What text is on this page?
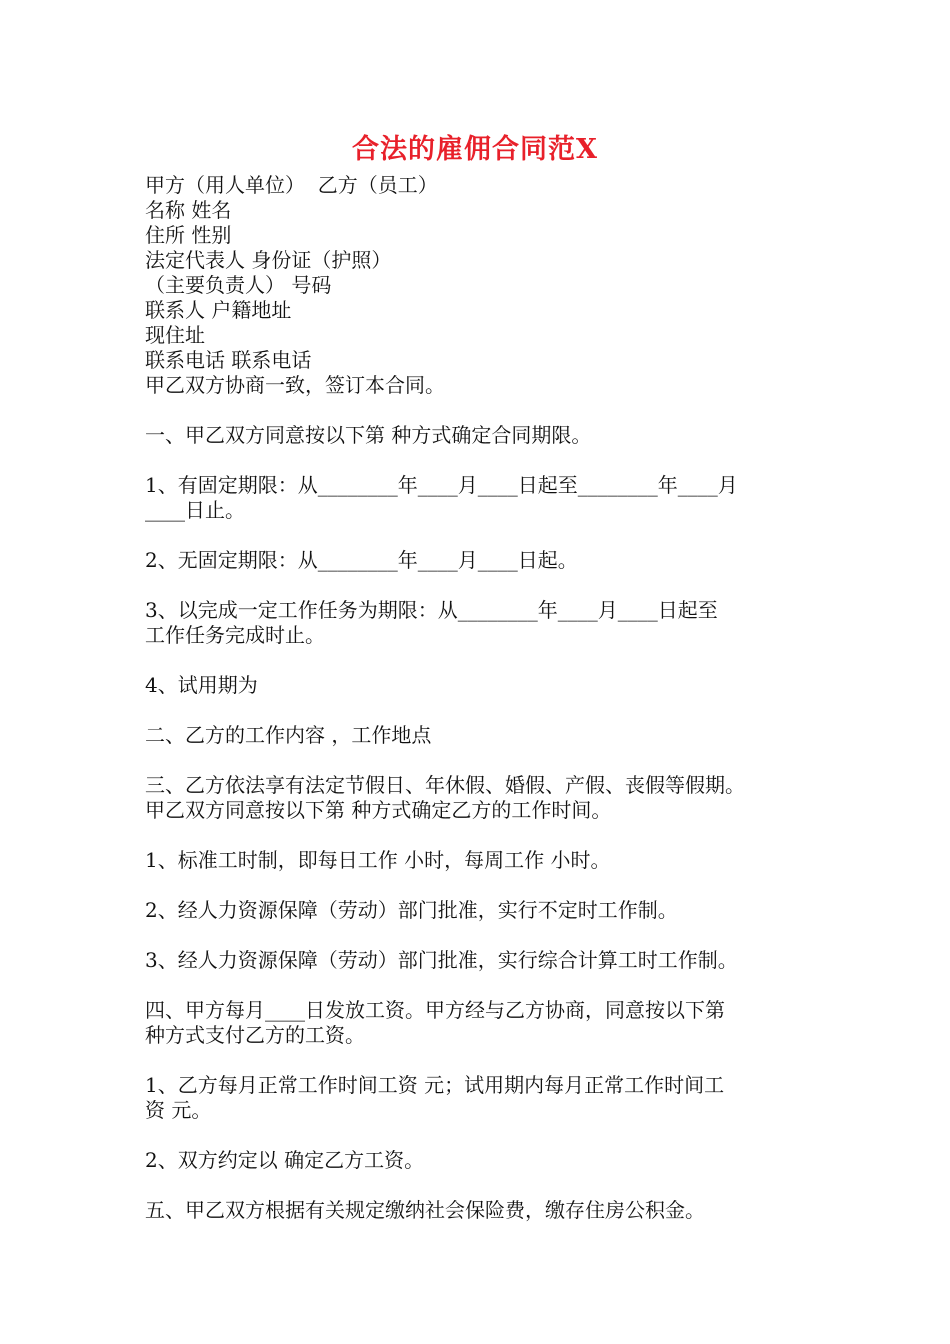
合法的雇佣合同范X
甲方（用人单位）  乙方（员工）
名称 姓名
住所 性别
法定代表人 身份证（护照）
（主要负责人） 号码
联系人 户籍地址
现住址
联系电话 联系电话
甲乙双方协商一致，签订本合同。
一、甲乙双方同意按以下第 种方式确定合同期限。
1、有固定期限：从________年____月____日起至________年____月
____日止。
2、无固定期限：从________年____月____日起。
3、以完成一定工作任务为期限：从________年____月____日起至
工作任务完成时止。
4、试用期为
二、乙方的工作内容 ，工作地点
三、乙方依法享有法定节假日、年休假、婚假、产假、丧假等假期。
甲乙双方同意按以下第 种方式确定乙方的工作时间。
1、标准工时制，即每日工作 小时，每周工作 小时。
2、经人力资源保障（劳动）部门批准，实行不定时工作制。
3、经人力资源保障（劳动）部门批准，实行综合计算工时工作制。
四、甲方每月____日发放工资。甲方经与乙方协商，同意按以下第
种方式支付乙方的工资。
1、乙方每月正常工作时间工资 元；试用期内每月正常工作时间工
资 元。
2、双方约定以 确定乙方工资。
五、甲乙双方根据有关规定缴纳社会保险费，缴存住房公积金。
